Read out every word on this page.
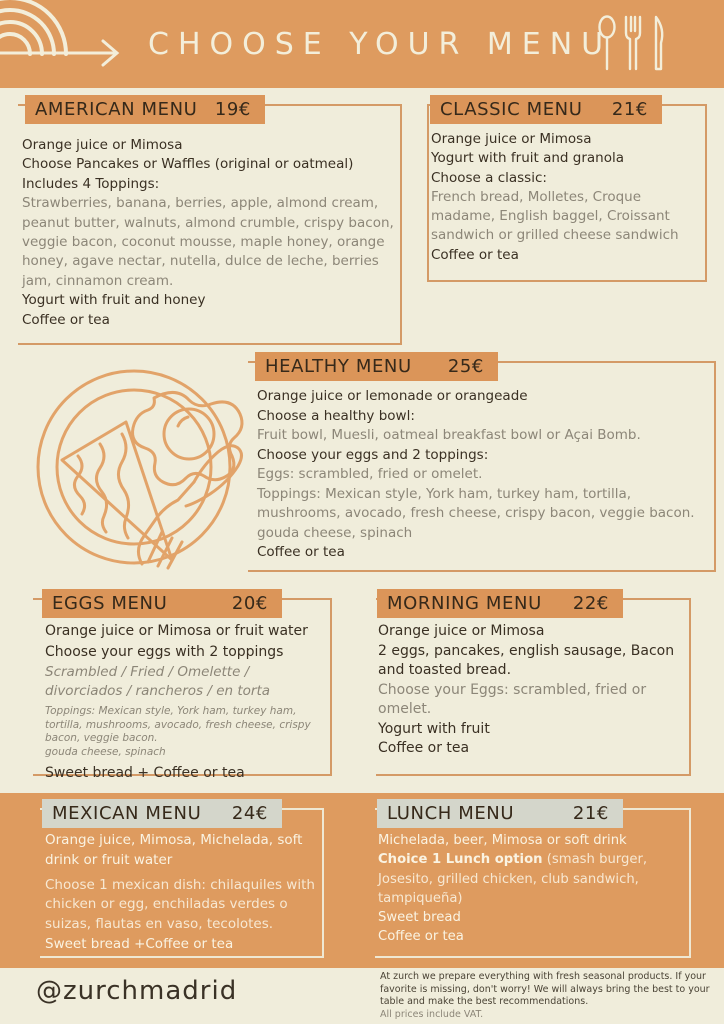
CHOOSE YOUR MENU
AMERICAN MENU 19€

Orange juice or Mimosa

Choose Pancakes or Waffles (original or oatmeal)

Includes 4 Toppings:

Strawberries, banana, berries, apple, almond cream, peanut butter, walnuts, almond crumble, crispy bacon, veggie bacon, coconut mousse, maple honey, orange honey, agave nectar, nutella, dulce de leche, berries jam, cinnamon cream.

Yogurt with fruit and honey

Coffee or tea

CLASSIC MENU 21€

Orange juice or Mimosa

Yogurt with fruit and granola

Choose a classic:

French bread, Molletes, Croque madame, English baggel, Croissant sandwich or grilled cheese sandwich

Coffee or tea

HEALTHY MENU 25€

Orange juice or lemonade or orangeade

Choose a healthy bowl:

Fruit bowl, Muesli, oatmeal breakfast bowl or Açai Bomb.

Choose your eggs and 2 toppings:

Eggs: scrambled, fried or omelet.

Toppings: Mexican style, York ham, turkey ham, tortilla, mushrooms, avocado, fresh cheese, crispy bacon, veggie bacon. gouda cheese, spinach

Coffee or tea

EGGS MENU	20€

Orange juice or Mimosa or fruit water

Choose your eggs with 2 toppings

Scrambled / Fried / Omelette / divorciados / rancheros / en torta

Toppings: Mexican style, York ham, turkey ham, tortilla, mushrooms, avocado, fresh cheese, crispy bacon, veggie bacon.

gouda cheese, spinach

Sweet bread + Coffee or tea

MORNING MENU 22€

Orange juice or Mimosa

2 eggs, pancakes, english sausage, Bacon and toasted bread.

Choose your Eggs: scrambled, fried or omelet.

Yogurt with fruit

Coffee or tea

MEXICAN MENU 24€

Orange juice, Mimosa, Michelada, soft drink or fruit water

Choose 1 mexican dish: chilaquiles with chicken or egg, enchiladas verdes o suizas, flautas en vaso, tecolotes.

Sweet bread +Coffee or tea

LUNCH MENU	21€

Michelada, beer, Mimosa or soft drink

Choice 1 Lunch option (smash burger, Josesito, grilled chicken, club sandwich, tampiqueña)

Sweet bread

Coffee or tea

@zurchmadrid	At zurch we prepare everything with fresh seasonal products. If your favorite is missing, don't worry! We will always bring the best to your table and make the best recommendations.
All prices include VAT.
